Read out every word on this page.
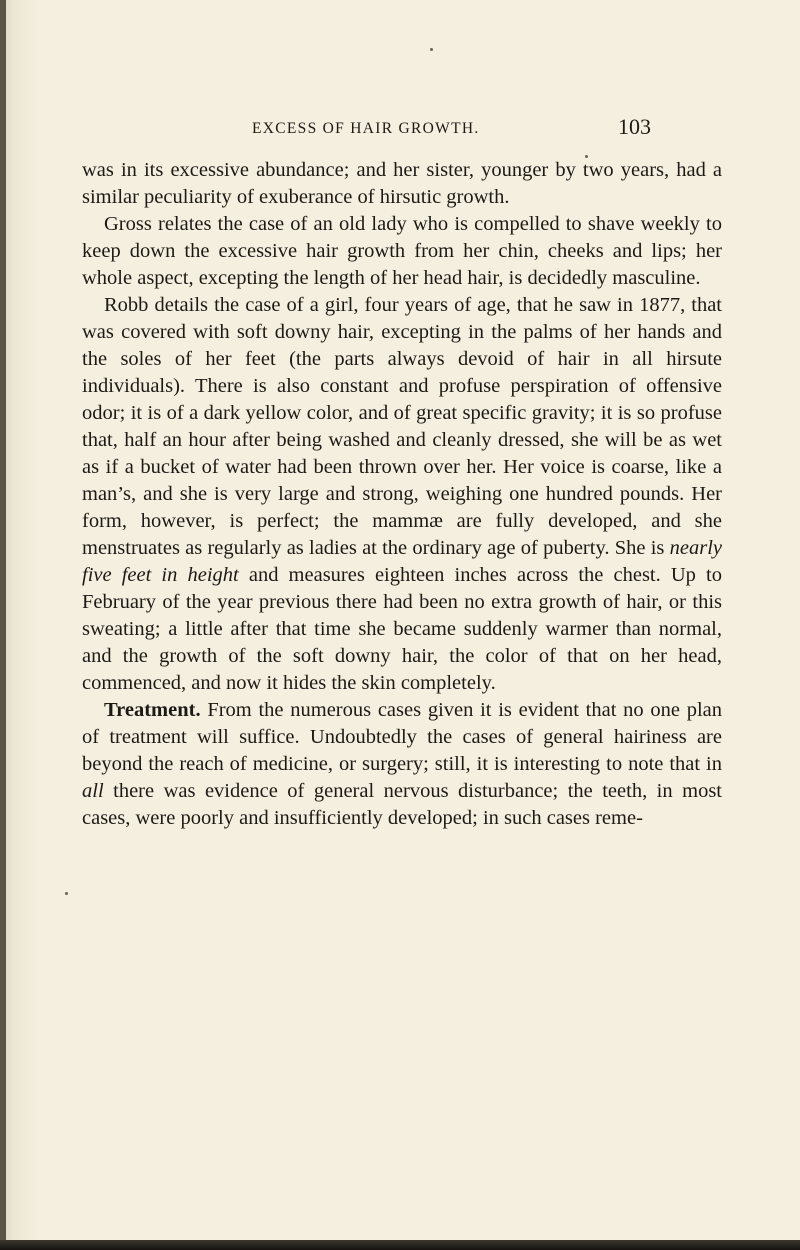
EXCESS OF HAIR GROWTH.	103

was in its excessive abundance; and her sister, younger by two years, had a similar peculiarity of exuberance of hirsutic growth.

Gross relates the case of an old lady who is compelled to shave weekly to keep down the excessive hair growth from her chin, cheeks and lips; her whole aspect, excepting the length of her head hair, is decidedly masculine.

Robb details the case of a girl, four years of age, that he saw in 1877, that was covered with soft downy hair, excepting in the palms of her hands and the soles of her feet (the parts always devoid of hair in all hirsute individuals). There is also constant and profuse perspiration of offensive odor; it is of a dark yellow color, and of great specific gravity; it is so profuse that, half an hour after being washed and cleanly dressed, she will be as wet as if a bucket of water had been thrown over her. Her voice is coarse, like a man’s, and she is very large and strong, weighing one hundred pounds. Her form, however, is perfect; the mammæ are fully developed, and she menstruates as regularly as ladies at the ordinary age of puberty. She is nearly five feet in height and measures eighteen inches across the chest. Up to February of the year previous there had been no extra growth of hair, or this sweating; a little after that time she became suddenly warmer than normal, and the growth of the soft downy hair, the color of that on her head, commenced, and now it hides the skin completely.

Treatment. From the numerous cases given it is evident that no one plan of treatment will suffice. Undoubtedly the cases of general hairiness are beyond the reach of medicine, or surgery; still, it is interesting to note that in all there was evidence of general nervous disturbance; the teeth, in most cases, were poorly and insufficiently developed; in such cases reme-
